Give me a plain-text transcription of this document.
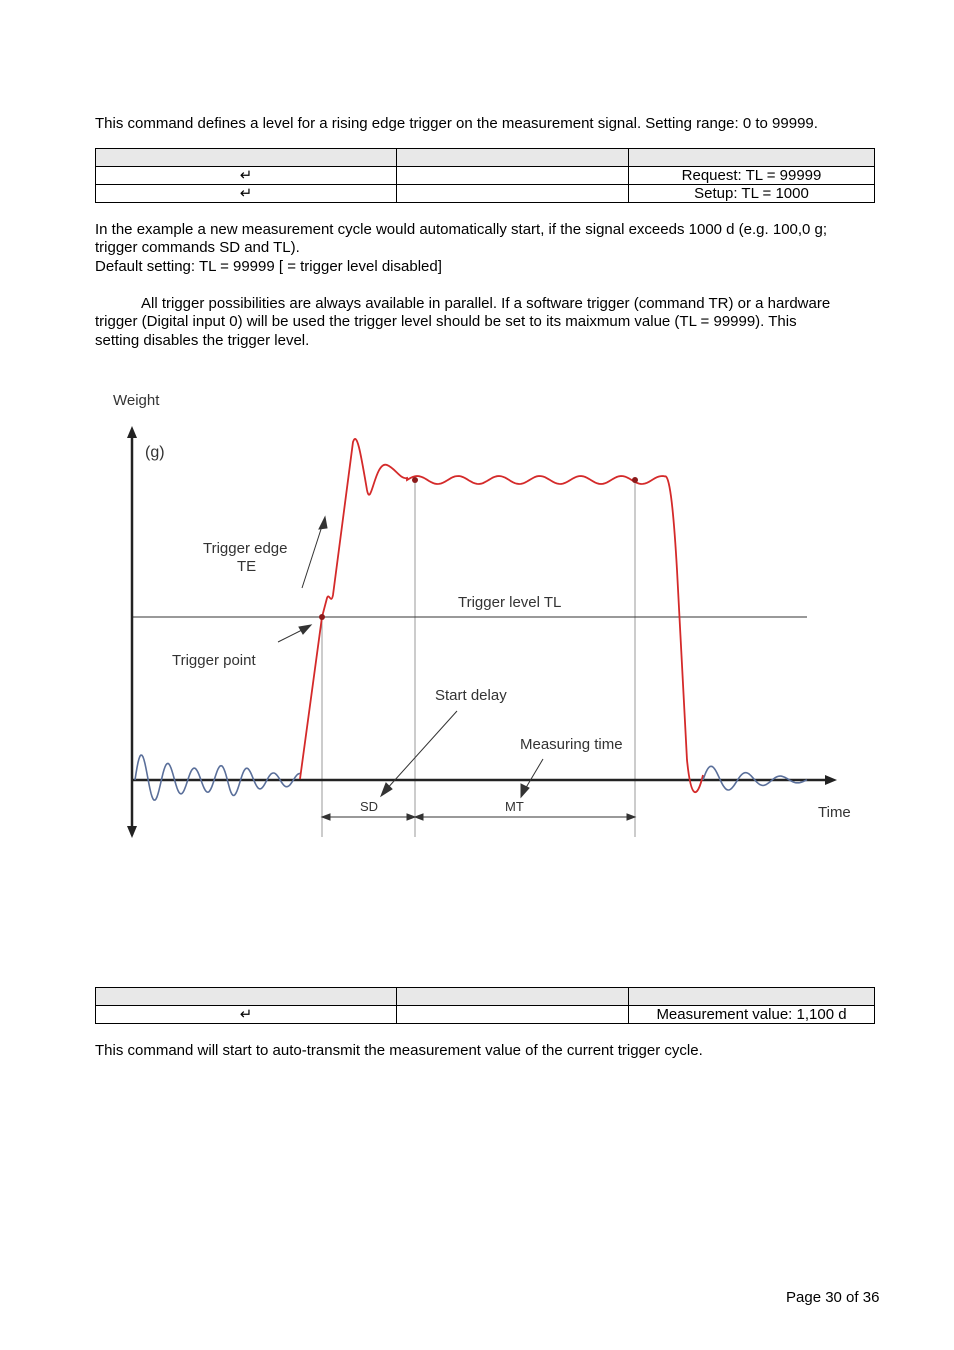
This command defines a level for a rising edge trigger on the measurement signal. Setting range: 0 to 99999.

↵		Request: TL = 99999
↵		Setup: TL = 1000

In the example a new measurement cycle would automatically start, if the signal exceeds 1000 d (e.g. 100,0 g;

trigger commands SD and TL).

Default setting: TL = 99999 [ = trigger level disabled]

All trigger possibilities are always available in parallel. If a software trigger (command TR) or a hardware

trigger (Digital input 0) will be used the trigger level should be set to its maixmum value (TL = 99999). This

setting disables the trigger level.

Weight
(g)
Trigger edge
TE
Trigger level TL
Trigger point
Start delay
Measuring time
SD	MT	Time

↵		Measurement value: 1,100 d

This command will start to auto-transmit the measurement value of the current trigger cycle.

Page 30 of 36
